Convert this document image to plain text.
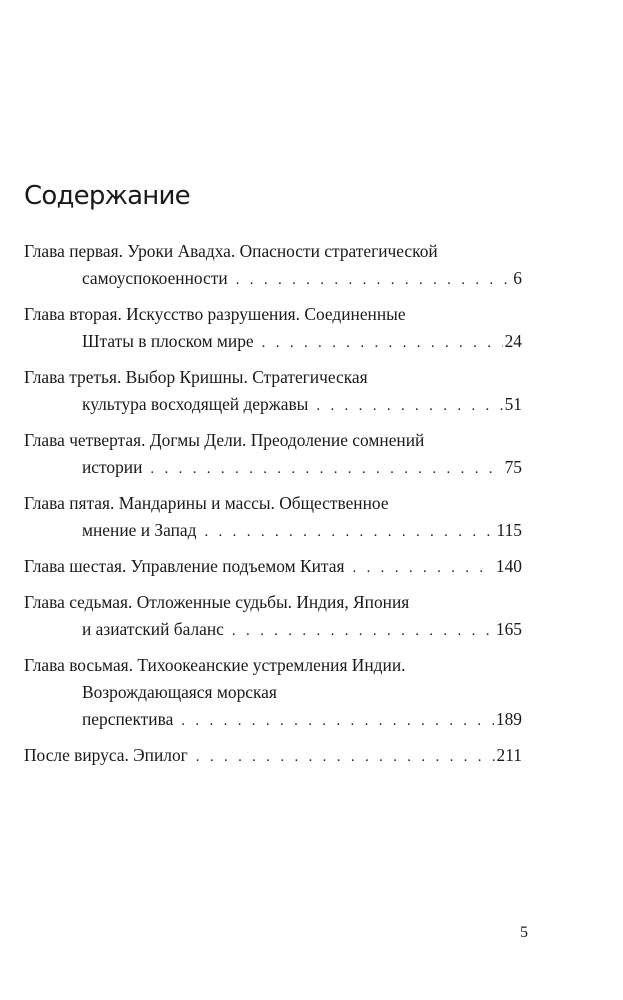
Содержание
Глава первая. Уроки Авадха. Опасности стратегической
самоуспокоенности . . .	6
Глава вторая. Искусство разрушения. Соединенные
Штаты в плоском мире . . .	24
Глава третья. Выбор Кришны. Стратегическая
культура восходящей державы . . .	51
Глава четвертая. Догмы Дели. Преодоление сомнений
истории . . .	75
Глава пятая. Мандарины и массы. Общественное
мнение и Запад . . .	115
Глава шестая. Управление подъемом Китая . . .	140
Глава седьмая. Отложенные судьбы. Индия, Япония
и азиатский баланс . . .	165
Глава восьмая. Тихоокеанские устремления Индии.
Возрождающаяся морская
перспектива . . .	189
После вируса. Эпилог . . .	211
5
